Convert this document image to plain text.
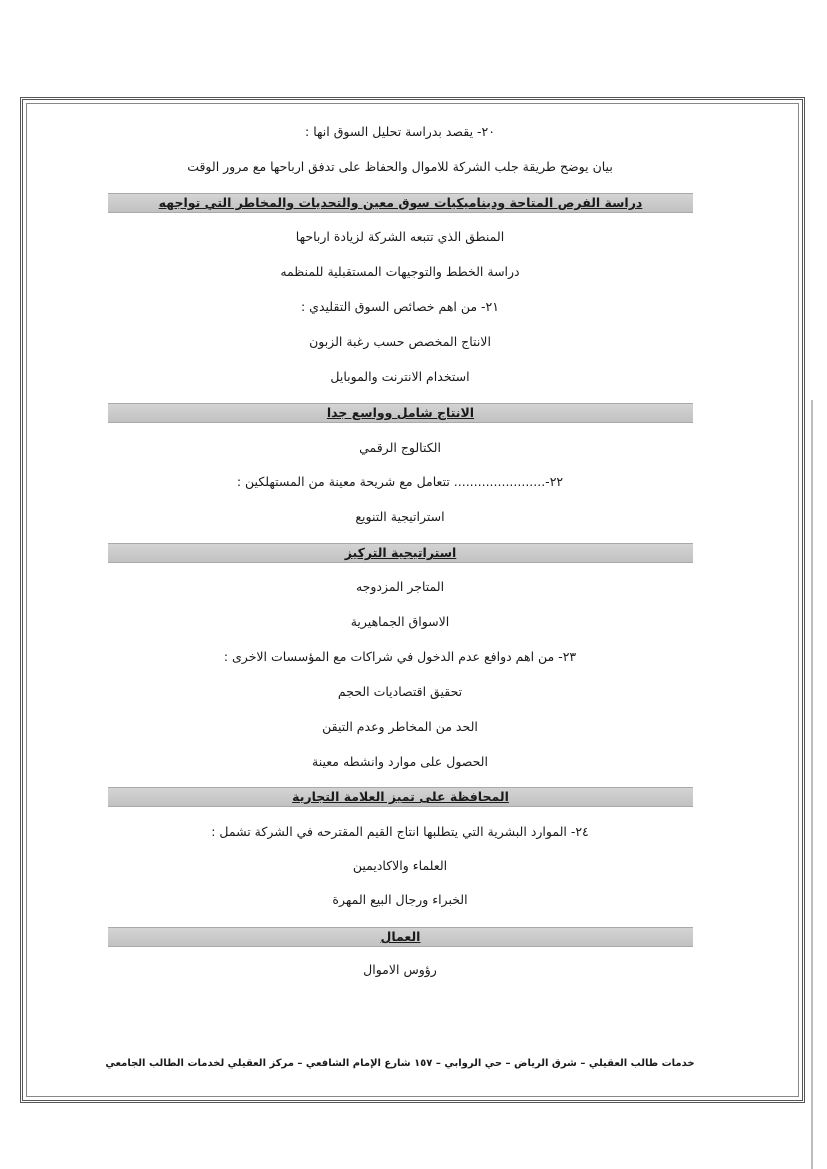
٢٠- يقصد بدراسة تحليل السوق انها :
بيان يوضح طريقة جلب الشركة للاموال والحفاظ على تدفق ارباحها مع مرور الوقت
دراسة الفرص المتاحة وديناميكيات سوق معين والتحديات والمخاطر التي تواجهه
المنطق الذي تتبعه الشركة لزيادة ارباحها
دراسة الخطط والتوجيهات المستقبلية للمنظمه
٢١- من اهم خصائص السوق التقليدي :
الانتاج المخصص حسب رغبة الزبون
استخدام الانترنت والموبايل
الانتاج شامل وواسع جدا
الكتالوج الرقمي
٢٢-....................... تتعامل مع شريحة معينة من المستهلكين :
استراتيجية التنويع
استراتيجية التركيز
المتاجر المزدوجه
الاسواق الجماهيرية
٢٣- من اهم دوافع عدم الدخول في شراكات مع المؤسسات الاخرى :
تحقيق اقتصاديات الحجم
الحد من المخاطر وعدم التيقن
الحصول على موارد وانشطه معينة
المحافظة على تميز العلامة التجارية
٢٤- الموارد البشرية التي يتطلبها انتاج القيم المقترحه في الشركة تشمل :
العلماء والاكاديمين
الخبراء ورجال البيع المهرة
العمال
رؤوس الاموال
خدمات طالب العقيلي – شرق الرياض – حي الروابي – ١٥٧ شارع الإمام الشافعي – مركز العقيلي لخدمات الطالب الجامعي
